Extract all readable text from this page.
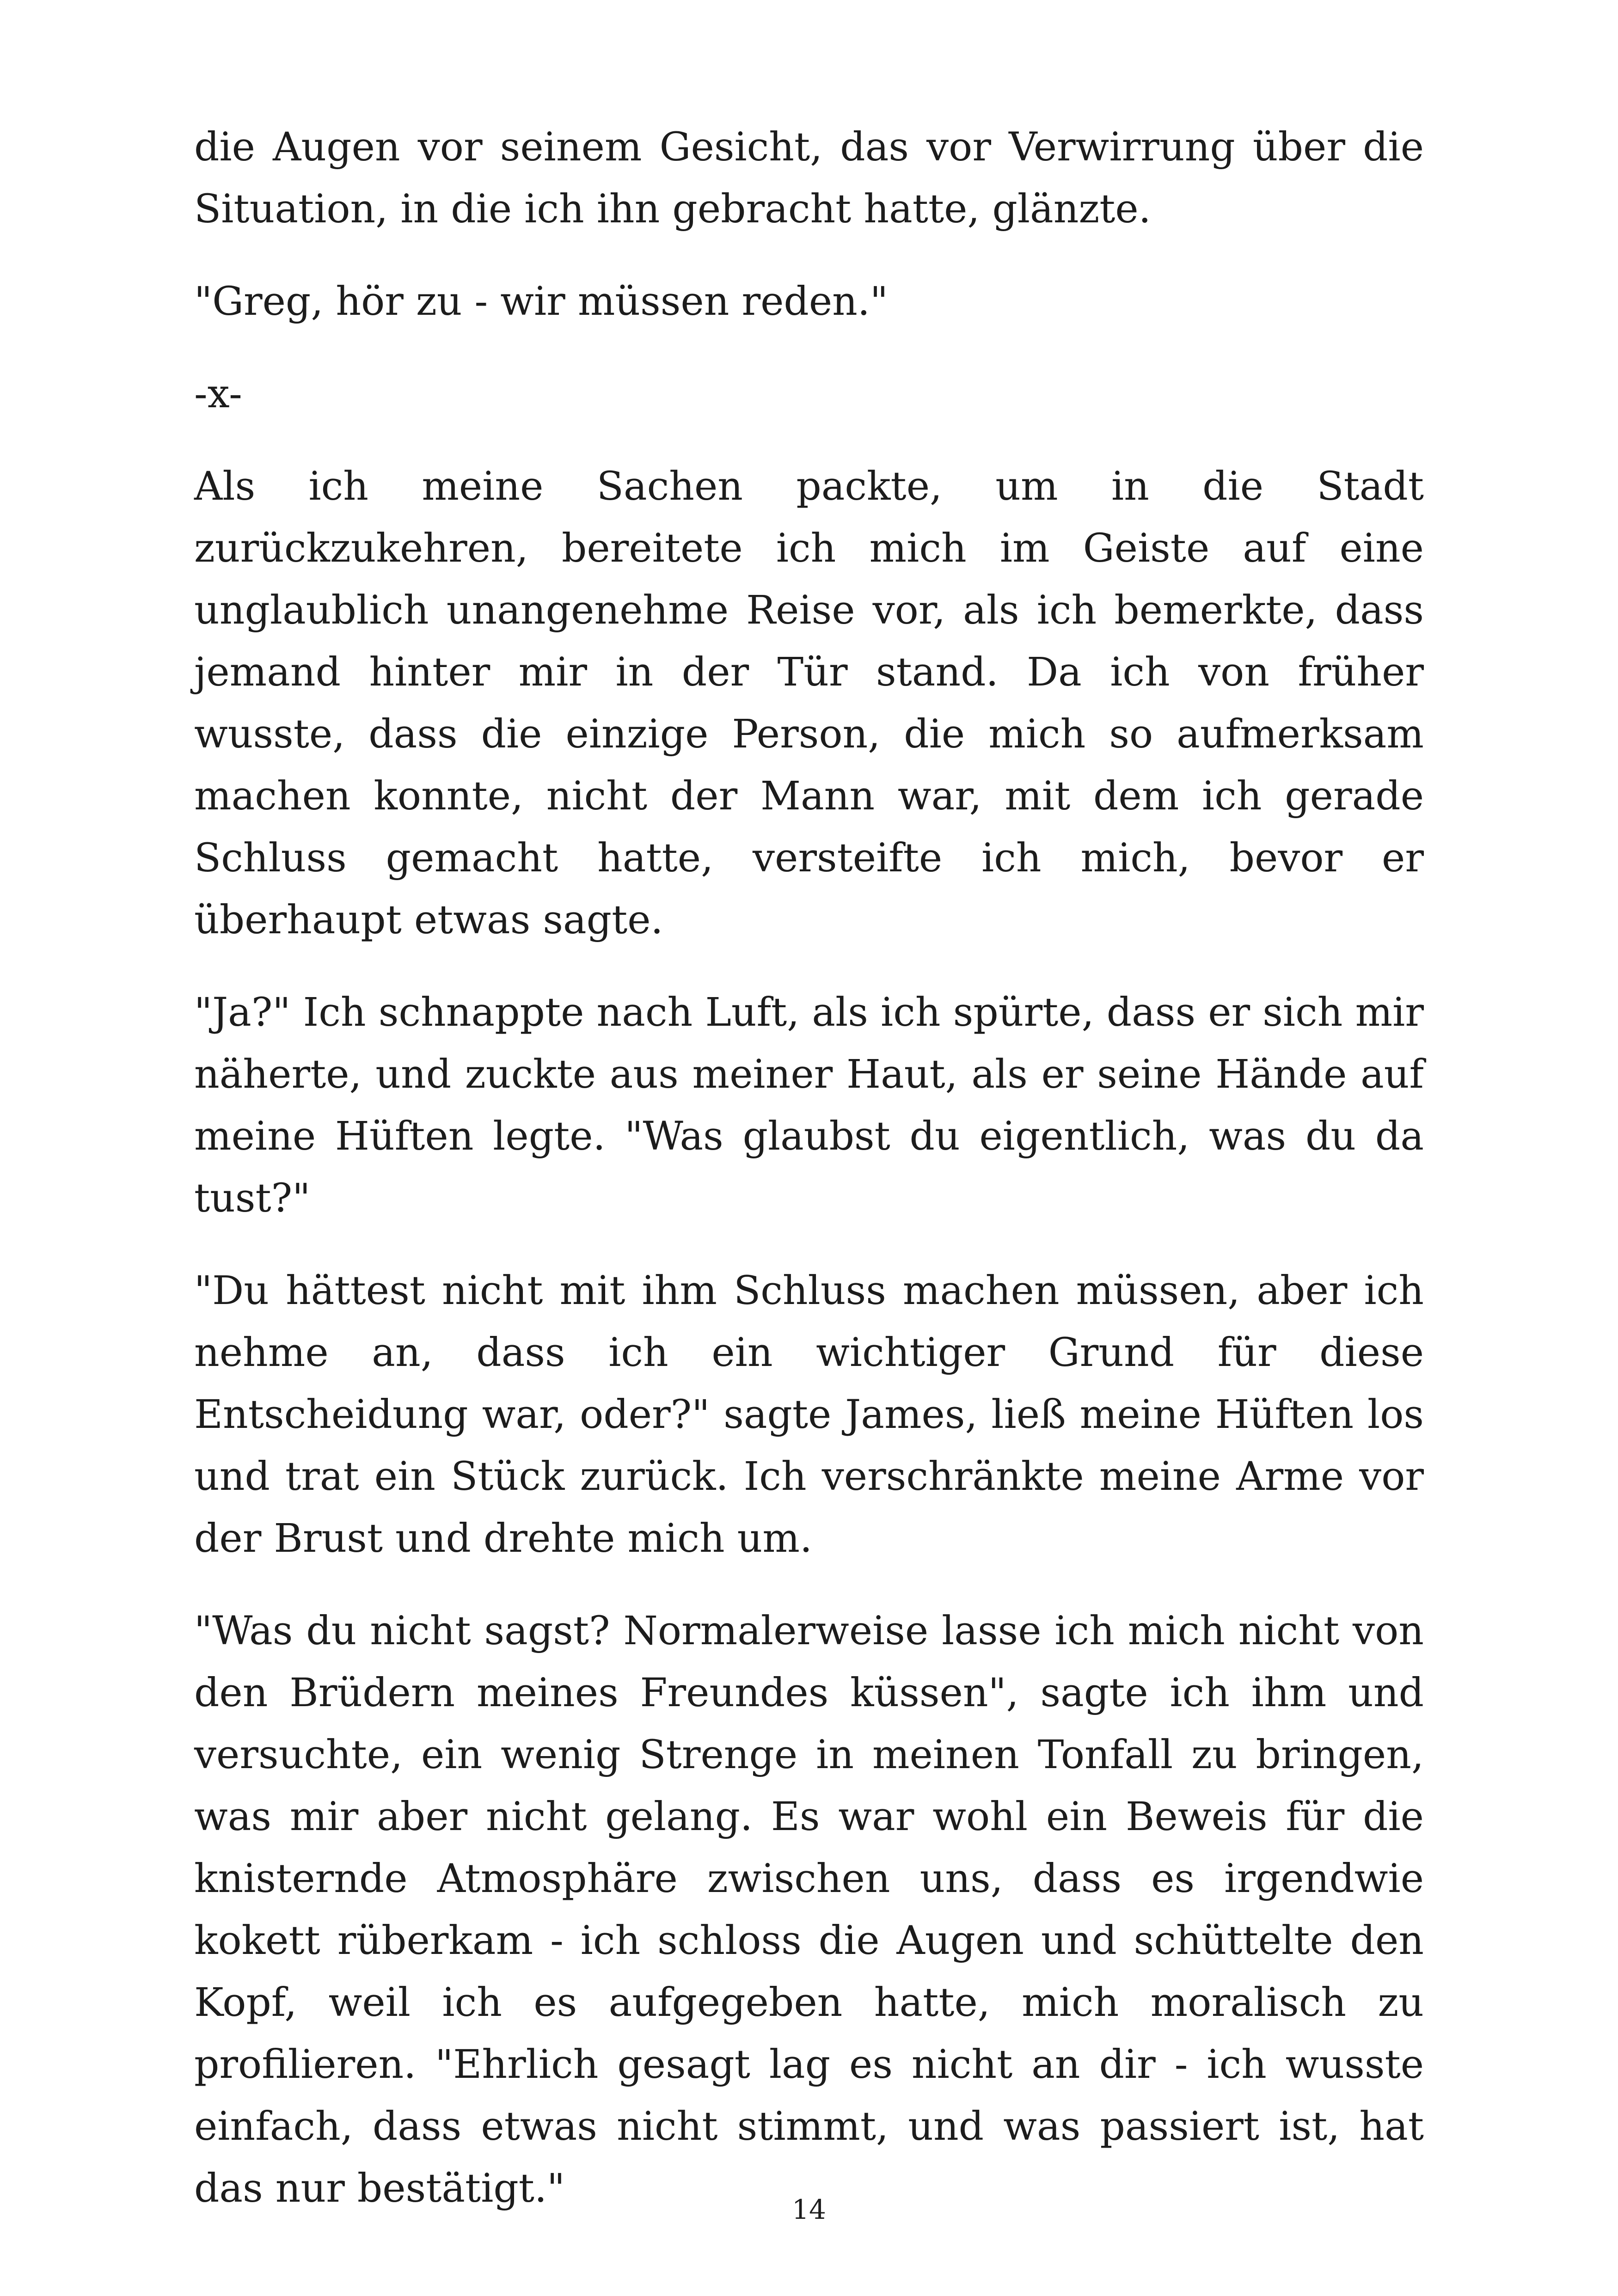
die Augen vor seinem Gesicht, das vor Verwirrung über die Situation, in die ich ihn gebracht hatte, glänzte.

"Greg, hör zu - wir müssen reden."

-x-

Als ich meine Sachen packte, um in die Stadt zurückzukehren, bereitete ich mich im Geiste auf eine unglaublich unangenehme Reise vor, als ich bemerkte, dass jemand hinter mir in der Tür stand. Da ich von früher wusste, dass die einzige Person, die mich so aufmerksam machen konnte, nicht der Mann war, mit dem ich gerade Schluss gemacht hatte, versteifte ich mich, bevor er überhaupt etwas sagte.

"Ja?" Ich schnappte nach Luft, als ich spürte, dass er sich mir näherte, und zuckte aus meiner Haut, als er seine Hände auf meine Hüften legte. "Was glaubst du eigentlich, was du da tust?"

"Du hättest nicht mit ihm Schluss machen müssen, aber ich nehme an, dass ich ein wichtiger Grund für diese Entscheidung war, oder?" sagte James, ließ meine Hüften los und trat ein Stück zurück. Ich verschränkte meine Arme vor der Brust und drehte mich um.

"Was du nicht sagst? Normalerweise lasse ich mich nicht von den Brüdern meines Freundes küssen", sagte ich ihm und versuchte, ein wenig Strenge in meinen Tonfall zu bringen, was mir aber nicht gelang. Es war wohl ein Beweis für die knisternde Atmosphäre zwischen uns, dass es irgendwie kokett rüberkam - ich schloss die Augen und schüttelte den Kopf, weil ich es aufgegeben hatte, mich moralisch zu profilieren. "Ehrlich gesagt lag es nicht an dir - ich wusste einfach, dass etwas nicht stimmt, und was passiert ist, hat das nur bestätigt."	14
